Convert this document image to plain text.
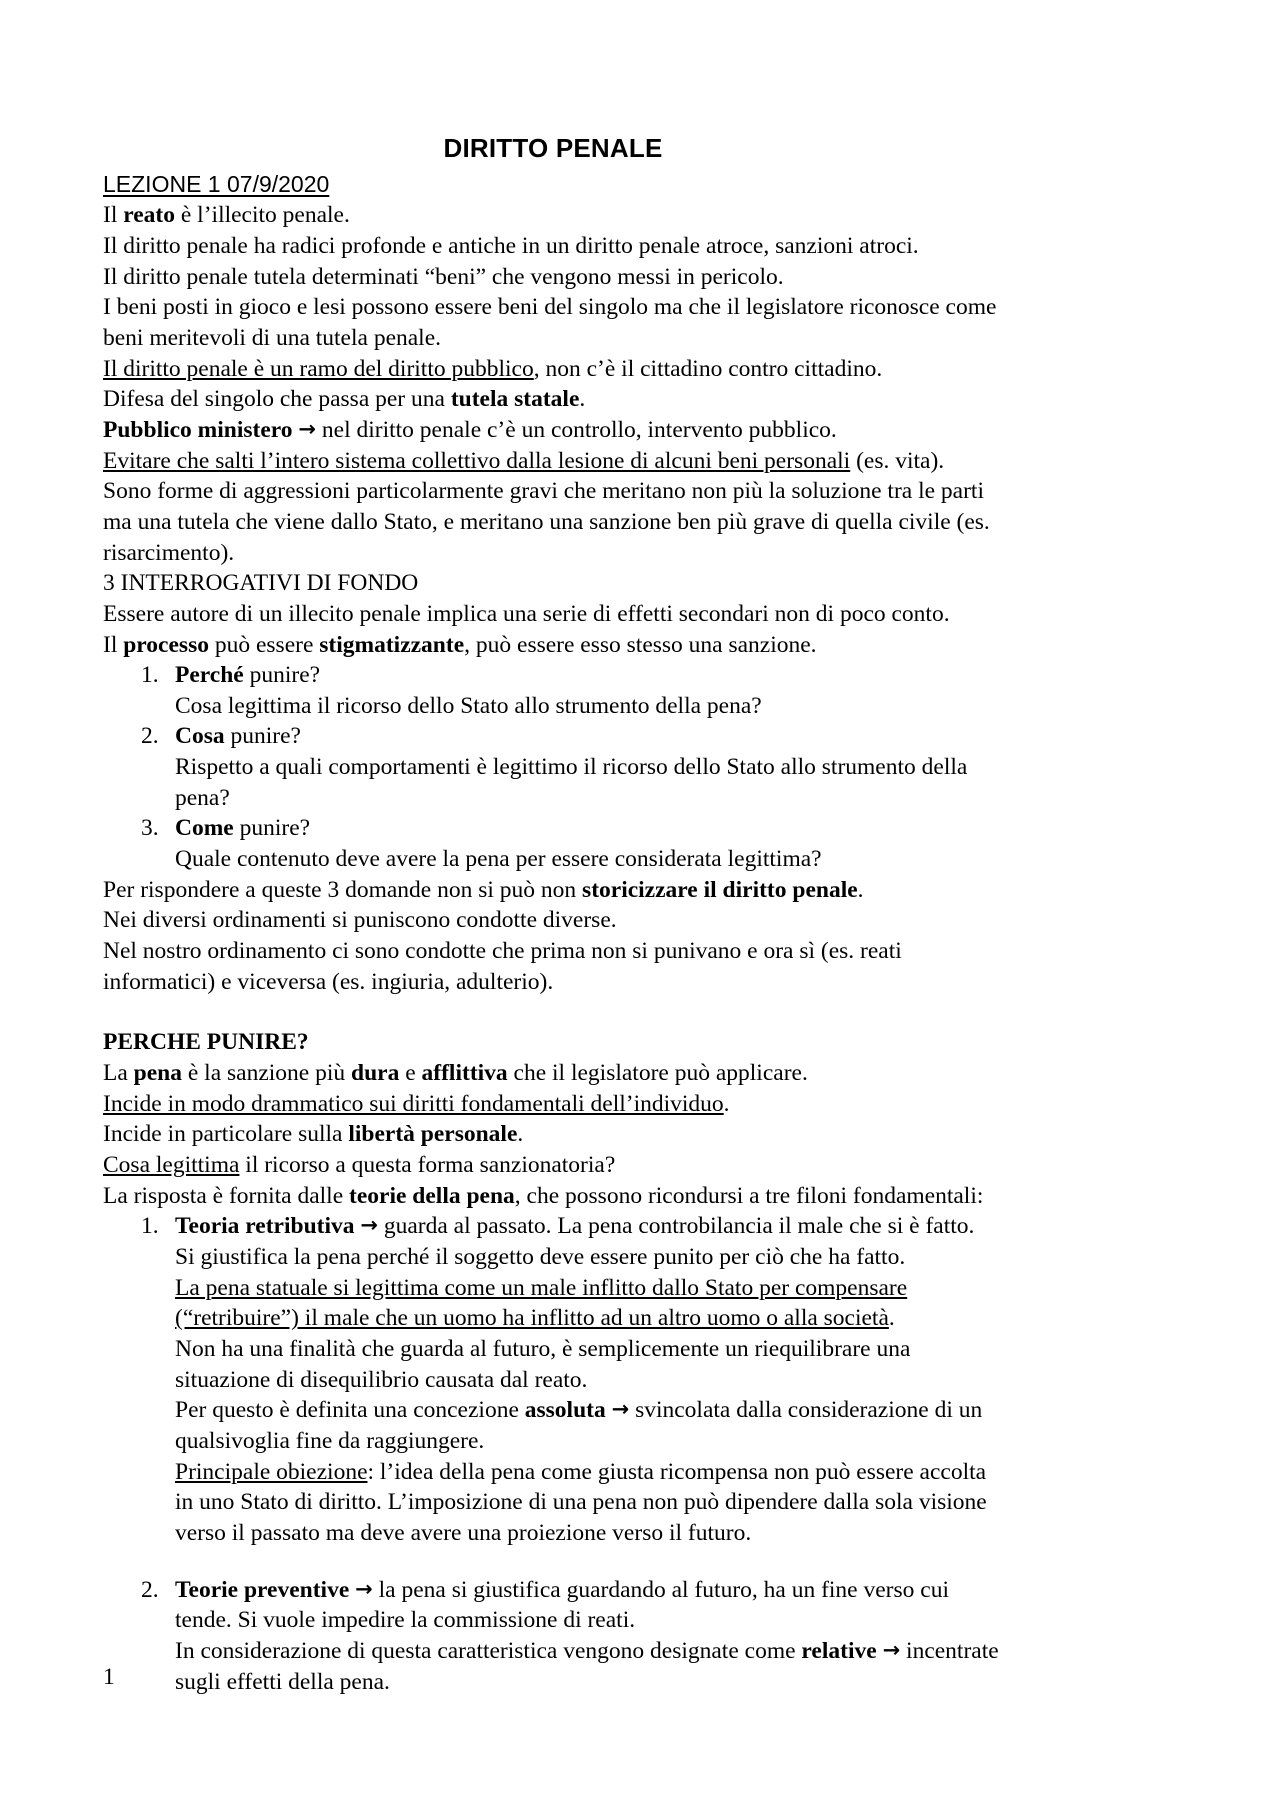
DIRITTO PENALE
LEZIONE 1 07/9/2020

Il reato è l’illecito penale.

Il diritto penale ha radici profonde e antiche in un diritto penale atroce, sanzioni atroci.

Il diritto penale tutela determinati “beni” che vengono messi in pericolo.

I beni posti in gioco e lesi possono essere beni del singolo ma che il legislatore riconosce come beni meritevoli di una tutela penale.

Il diritto penale è un ramo del diritto pubblico, non c’è il cittadino contro cittadino.

Difesa del singolo che passa per una tutela statale.

Pubblico ministero → nel diritto penale c’è un controllo, intervento pubblico.

Evitare che salti l’intero sistema collettivo dalla lesione di alcuni beni personali (es. vita).

Sono forme di aggressioni particolarmente gravi che meritano non più la soluzione tra le parti ma una tutela che viene dallo Stato, e meritano una sanzione ben più grave di quella civile (es. risarcimento).

3 INTERROGATIVI DI FONDO

Essere autore di un illecito penale implica una serie di effetti secondari non di poco conto.

Il processo può essere stigmatizzante, può essere esso stesso una sanzione.

1. Perché punire?
Cosa legittima il ricorso dello Stato allo strumento della pena?
2. Cosa punire?
Rispetto a quali comportamenti è legittimo il ricorso dello Stato allo strumento della pena?
3. Come punire?
Quale contenuto deve avere la pena per essere considerata legittima?

Per rispondere a queste 3 domande non si può non storicizzare il diritto penale.

Nei diversi ordinamenti si puniscono condotte diverse.

Nel nostro ordinamento ci sono condotte che prima non si punivano e ora sì (es. reati informatici) e viceversa (es. ingiuria, adulterio).

PERCHE PUNIRE?

La pena è la sanzione più dura e afflittiva che il legislatore può applicare.

Incide in modo drammatico sui diritti fondamentali dell’individuo.

Incide in particolare sulla libertà personale.

Cosa legittima il ricorso a questa forma sanzionatoria?

La risposta è fornita dalle teorie della pena, che possono ricondursi a tre filoni fondamentali:

1. Teoria retributiva → guarda al passato. La pena controbilancia il male che si è fatto.
Si giustifica la pena perché il soggetto deve essere punito per ciò che ha fatto.
La pena statuale si legittima come un male inflitto dallo Stato per compensare (“retribuire”) il male che un uomo ha inflitto ad un altro uomo o alla società.
Non ha una finalità che guarda al futuro, è semplicemente un riequilibrare una situazione di disequilibrio causata dal reato.
Per questo è definita una concezione assoluta → svincolata dalla considerazione di un qualsivoglia fine da raggiungere.
Principale obiezione: l’idea della pena come giusta ricompensa non può essere accolta in uno Stato di diritto. L’imposizione di una pena non può dipendere dalla sola visione verso il passato ma deve avere una proiezione verso il futuro.
2. Teorie preventive → la pena si giustifica guardando al futuro, ha un fine verso cui tende. Si vuole impedire la commissione di reati.
In considerazione di questa caratteristica vengono designate come relative → incentrate sugli effetti della pena.
1
